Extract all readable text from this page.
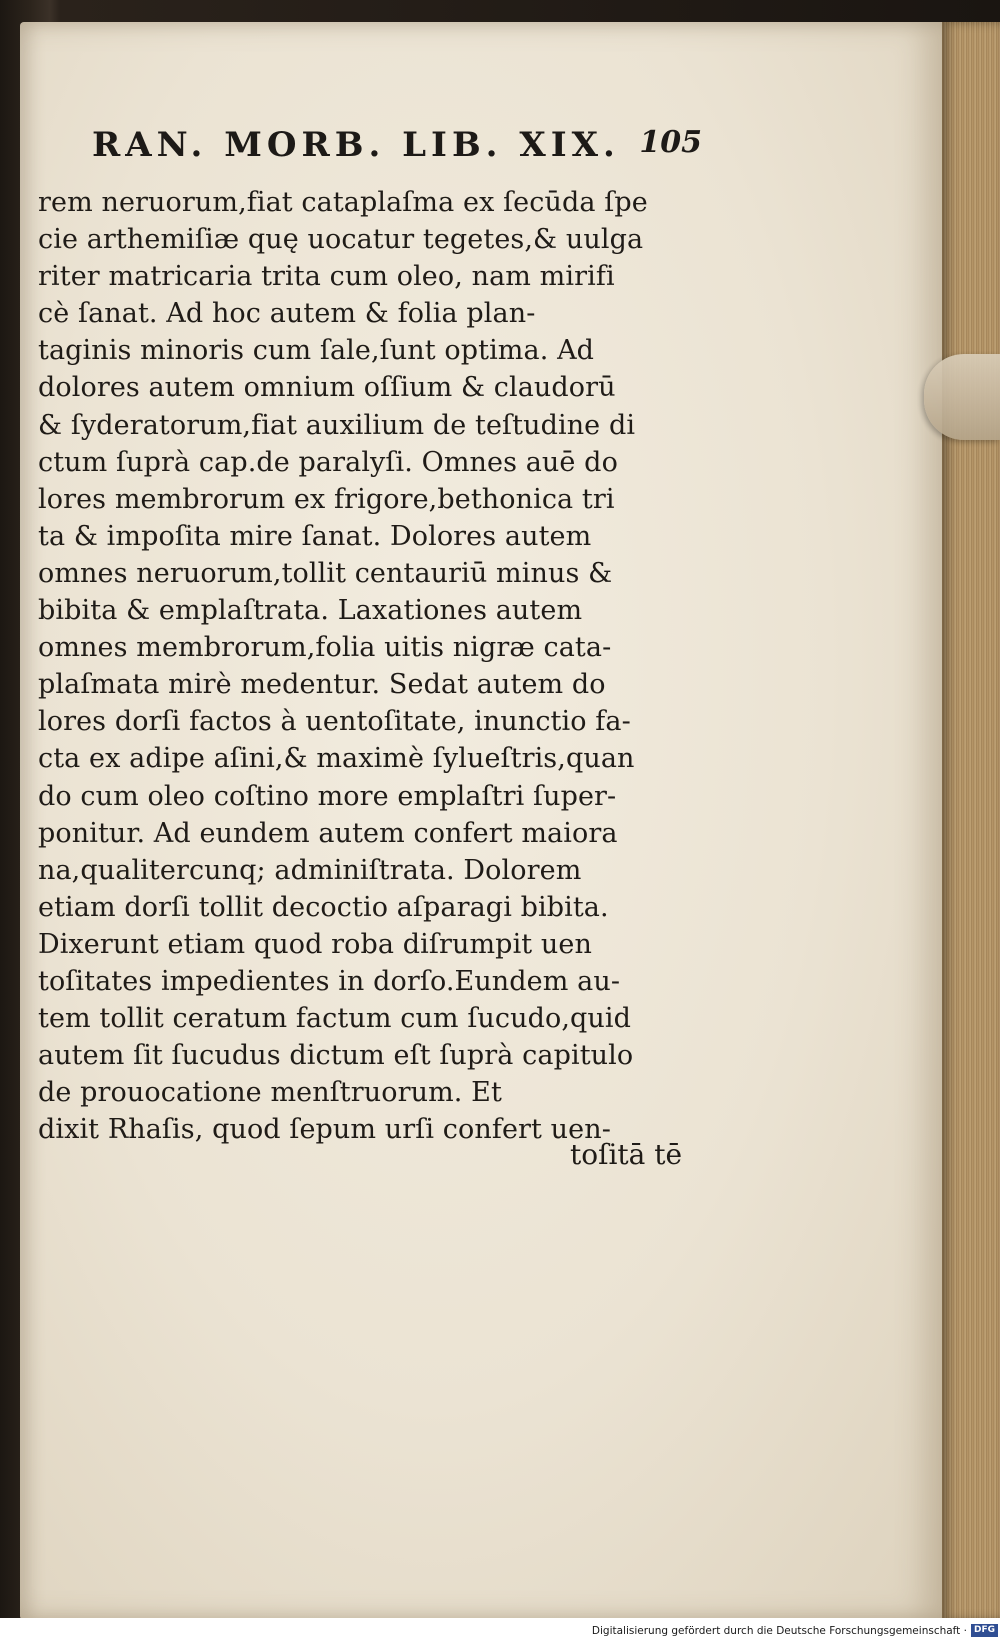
RAN. MORB. LIB. XIX. 105
rem neruorum,fiat cataplaſma ex ſecūda ſpe
cie arthemiſiæ quę uocatur tegetes,& uulga
riter matricaria trita cum oleo, nam mirifi
cè ſanat. Ad hoc autem & folia plan-
taginis minoris cum ſale,ſunt optima. Ad
dolores autem omnium oſſium & claudorū
& ſyderatorum,fiat auxilium de teſtudine di
ctum ſuprà cap.de paralyſi. Omnes auē do
lores membrorum ex frigore,bethonica tri
ta & impoſita mire ſanat. Dolores autem
omnes neruorum,tollit centauriū minus &
bibita & emplaſtrata. Laxationes autem
omnes membrorum,folia uitis nigræ cata-
plaſmata mirè medentur. Sedat autem do
lores dorſi factos à uentoſitate, inunctio fa-
cta ex adipe aſini,& maximè ſylueſtris,quan
do cum oleo coſtino more emplaſtri ſuper-
ponitur. Ad eundem autem confert maiora
na,qualitercunq; adminiſtrata. Dolorem
etiam dorſi tollit decoctio aſparagi bibita.
Dixerunt etiam quod roba diſrumpit uen
toſitates impedientes in dorſo.Eundem au-
tem tollit ceratum factum cum ſucudo,quid
autem ſit ſucudus dictum eſt ſuprà capitulo
de prouocatione menſtruorum. Et
dixit Rhaſis, quod ſepum urſi confert uen-
toſitā tē
Digitalisierung gefördert durch die Deutsche Forschungsgemeinschaft · DFG
